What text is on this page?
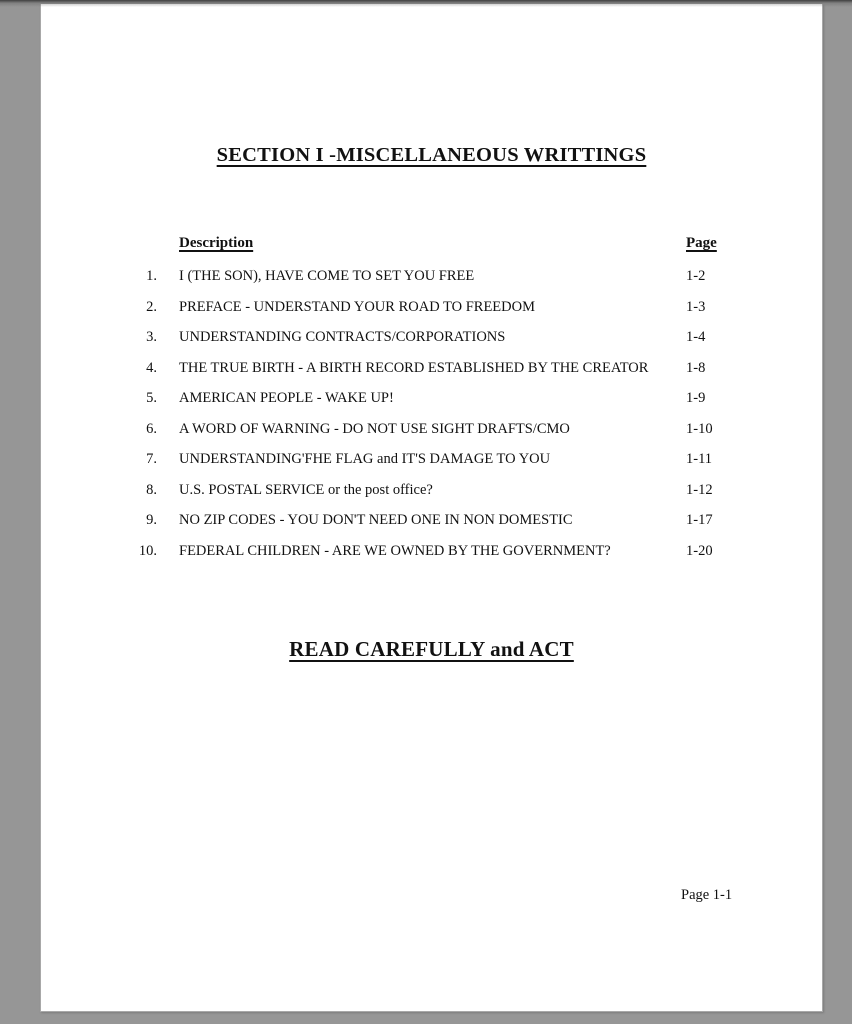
SECTION I -MISCELLANEOUS WRITTINGS
Description	Page
1.	I (THE SON), HAVE COME TO SET YOU FREE	1-2
2.	PREFACE - UNDERSTAND YOUR ROAD TO FREEDOM	1-3
3.	UNDERSTANDING CONTRACTS/CORPORATIONS	1-4
4.	THE TRUE BIRTH - A BIRTH RECORD ESTABLISHED BY THE CREATOR	1-8
5.	AMERICAN PEOPLE - WAKE UP!	1-9
6.	A WORD OF WARNING - DO NOT USE SIGHT DRAFTS/CMO	1-10
7.	UNDERSTANDING'FHE FLAG and IT'S DAMAGE TO YOU	1-11
8.	U.S. POSTAL SERVICE or the post office?	1-12
9.	NO ZIP CODES - YOU DON'T NEED ONE IN NON DOMESTIC	1-17
10.	FEDERAL CHILDREN - ARE WE OWNED BY THE GOVERNMENT?	1-20
READ CAREFULLY and ACT
Page 1-1
